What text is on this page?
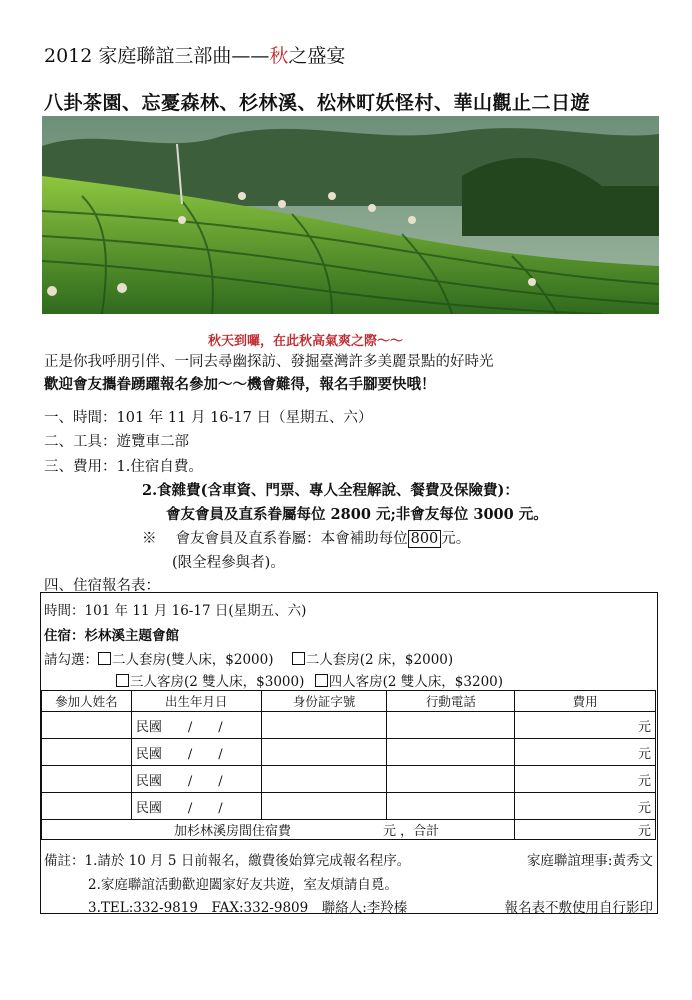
2012 家庭聯誼三部曲——秋之盛宴
八卦茶園、忘憂森林、杉林溪、松林町妖怪村、華山觀止二日遊
秋天到囉，在此秋高氣爽之際～～
正是你我呼朋引伴、一同去尋幽探訪、發掘臺灣許多美麗景點的好時光
歡迎會友攜眷踴躍報名參加～～機會難得，報名手腳要快哦！
一、時間：101 年 11 月 16-17 日（星期五、六）
二、工具：遊覽車二部
三、費用：1.住宿自費。
2.食雜費(含車資、門票、專人全程解說、餐費及保險費)：
會友會員及直系眷屬每位 2800 元;非會友每位 3000 元。
※　 會友會員及直系眷屬：本會補助每位 800 元。
(限全程參與者)。
四、住宿報名表：
時間：101 年 11 月 16-17 日(星期五、六)
住宿：杉林溪主題會館
請勾選： 二人套房(雙人床，$2000) 二人套房(2 床，$2000)
三人客房(2 雙人床，$3000) 四人客房(2 雙人床，$3200)
參加人姓名	出生年月日	身份証字號	行動電話	費用
	民國　　/　　/			元
	民國　　/　　/			元
	民國　　/　　/			元
	民國　　/　　/			元
加杉林溪房間住宿費 元 ，合計				元
備註：1.請於 10 月 5 日前報名，繳費後始算完成報名程序。	家庭聯誼理事:黃秀文
2.家庭聯誼活動歡迎闔家好友共遊，室友煩請自覓。
3.TEL:332-9819　FAX:332-9809　聯絡人:李羚榛	報名表不敷使用自行影印
